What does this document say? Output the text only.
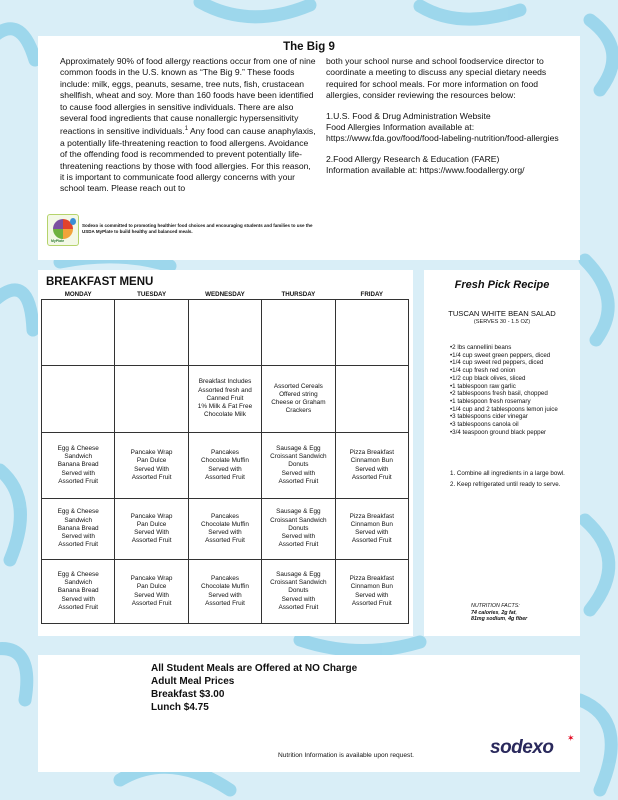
The Big 9

Approximately 90% of food allergy reactions occur from one of nine common foods in the U.S. known as “The Big 9.” These foods include: milk, eggs, peanuts, sesame, tree nuts, fish, crustacean shellfish, wheat and soy. More than 160 foods have been identified to cause food allergies in sensitive individuals. There are also several food ingredients that cause nonallergic hypersensitivity reactions in sensitive individuals.$^1$ Any food can cause anaphylaxis, a potentially life-threatening reaction to food allergens. Avoidance of the offending food is recommended to prevent potentially life-threatening reactions by those with food allergies. For this reason, it is important to communicate food allergy concerns with your school team. Please reach out to

both your school nurse and school foodservice director to coordinate a meeting to discuss any special dietary needs required for school meals. For more information on food allergies, consider reviewing the resources below:

1.U.S. Food & Drug Administration Website

Food Allergies Information available at:

https://www.fda.gov/food/food-labeling-nutrition/food-allergies

2.Food Allergy Research & Education (FARE)

Information available at: https://www.foodallergy.org/

MyPlate
Sodexo is committed to promoting healthier food choices and encouraging students and families to use the USDA MyPlate to build healthy and balanced meals.
BREAKFAST MENU
MONDAY	TUESDAY	WEDNESDAY	THURSDAY	FRIDAY

		Breakfast Includes
Assorted fresh and
Canned Fruit
1% Milk & Fat Free
Chocolate Milk	Assorted Cereals
Offered string
Cheese or Graham
Crackers	
Egg & Cheese
Sandwich
Banana Bread
Served with
Assorted Fruit	Pancake Wrap
Pan Dulce
Served With
Assorted Fruit	Pancakes
Chocolate Muffin
Served with
Assorted Fruit	Sausage & Egg
Croissant Sandwich
Donuts
Served with
Assorted Fruit	Pizza Breakfast
Cinnamon Bun
Served with
Assorted Fruit
Egg & Cheese
Sandwich
Banana Bread
Served with
Assorted Fruit	Pancake Wrap
Pan Dulce
Served With
Assorted Fruit	Pancakes
Chocolate Muffin
Served with
Assorted Fruit	Sausage & Egg
Croissant Sandwich
Donuts
Served with
Assorted Fruit	Pizza Breakfast
Cinnamon Bun
Served with
Assorted Fruit
Egg & Cheese
Sandwich
Banana Bread
Served with
Assorted Fruit	Pancake Wrap
Pan Dulce
Served With
Assorted Fruit	Pancakes
Chocolate Muffin
Served with
Assorted Fruit	Sausage & Egg
Croissant Sandwich
Donuts
Served with
Assorted Fruit	Pizza Breakfast
Cinnamon Bun
Served with
Assorted Fruit
Fresh Pick Recipe
TUSCAN WHITE BEAN SALAD
(SERVES 30 - 1.5 OZ)
• 2 lbs cannellini beans
• 1/4 cup sweet green peppers, diced
• 1/4 cup sweet red peppers, diced
• 1/4 cup fresh red onion
• 1/2 cup black olives, sliced
• 1 tablespoon raw garlic
• 2 tablespoons fresh basil, chopped
• 1 tablespoon fresh rosemary
• 1/4 cup and 2 tablespoons lemon juice
• 3 tablespoons cider vinegar
• 3 tablespoons canola oil
• 3/4 teaspoon ground black pepper
1. Combine all ingredients in a large bowl.
2. Keep refrigerated until ready to serve.
NUTRITION FACTS:
74 calories, 2g fat,
81mg sodium, 4g fiber
All Student Meals are Offered at NO Charge
Adult Meal Prices
Breakfast $3.00
Lunch $4.75
Nutrition Information is available upon request.	sodexo ✶
